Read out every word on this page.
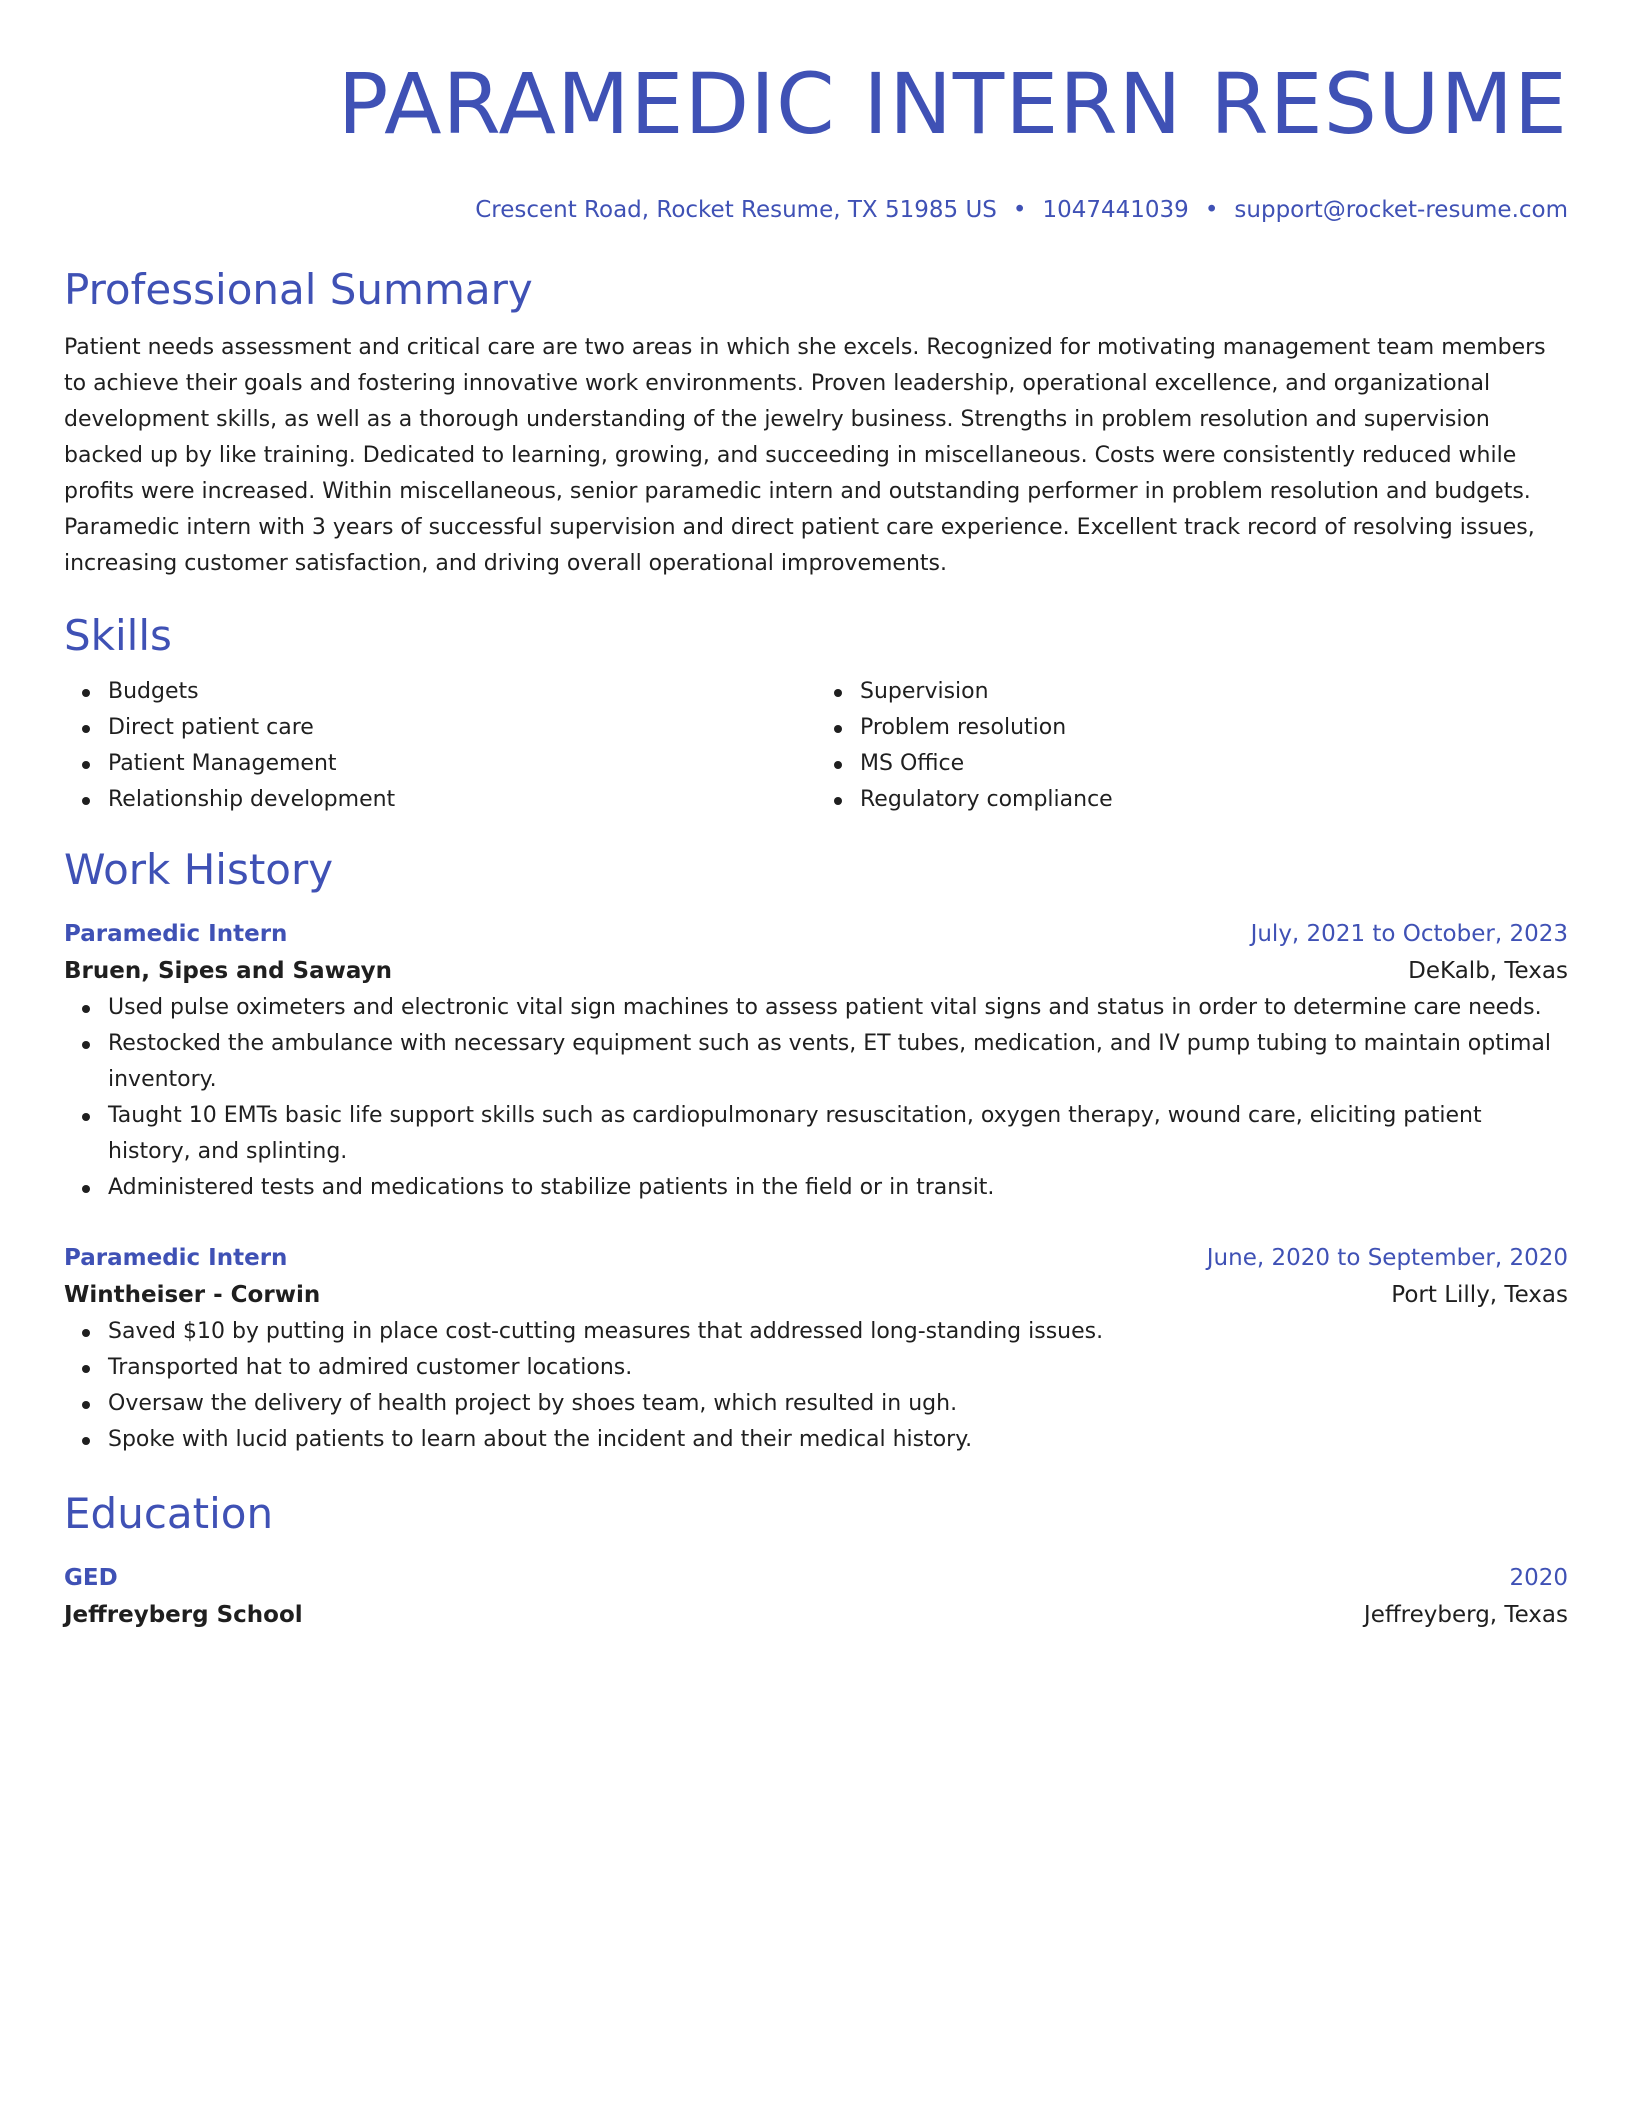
PARAMEDIC INTERN RESUME
Crescent Road, Rocket Resume, TX 51985 US • 1047441039 • support@rocket-resume.com
Professional Summary
Patient needs assessment and critical care are two areas in which she excels. Recognized for motivating management team members to achieve their goals and fostering innovative work environments. Proven leadership, operational excellence, and organizational development skills, as well as a thorough understanding of the jewelry business. Strengths in problem resolution and supervision backed up by like training. Dedicated to learning, growing, and succeeding in miscellaneous. Costs were consistently reduced while profits were increased. Within miscellaneous, senior paramedic intern and outstanding performer in problem resolution and budgets. Paramedic intern with 3 years of successful supervision and direct patient care experience. Excellent track record of resolving issues, increasing customer satisfaction, and driving overall operational improvements.
Skills
Budgets
Direct patient care
Patient Management
Relationship development
Supervision
Problem resolution
MS Office
Regulatory compliance
Work History
Paramedic Intern	July, 2021 to October, 2023
Bruen, Sipes and Sawayn	DeKalb, Texas
Used pulse oximeters and electronic vital sign machines to assess patient vital signs and status in order to determine care needs.
Restocked the ambulance with necessary equipment such as vents, ET tubes, medication, and IV pump tubing to maintain optimal inventory.
Taught 10 EMTs basic life support skills such as cardiopulmonary resuscitation, oxygen therapy, wound care, eliciting patient history, and splinting.
Administered tests and medications to stabilize patients in the field or in transit.
Paramedic Intern	June, 2020 to September, 2020
Wintheiser - Corwin	Port Lilly, Texas
Saved $10 by putting in place cost-cutting measures that addressed long-standing issues.
Transported hat to admired customer locations.
Oversaw the delivery of health project by shoes team, which resulted in ugh.
Spoke with lucid patients to learn about the incident and their medical history.
Education
GED	2020
Jeffreyberg School	Jeffreyberg, Texas
